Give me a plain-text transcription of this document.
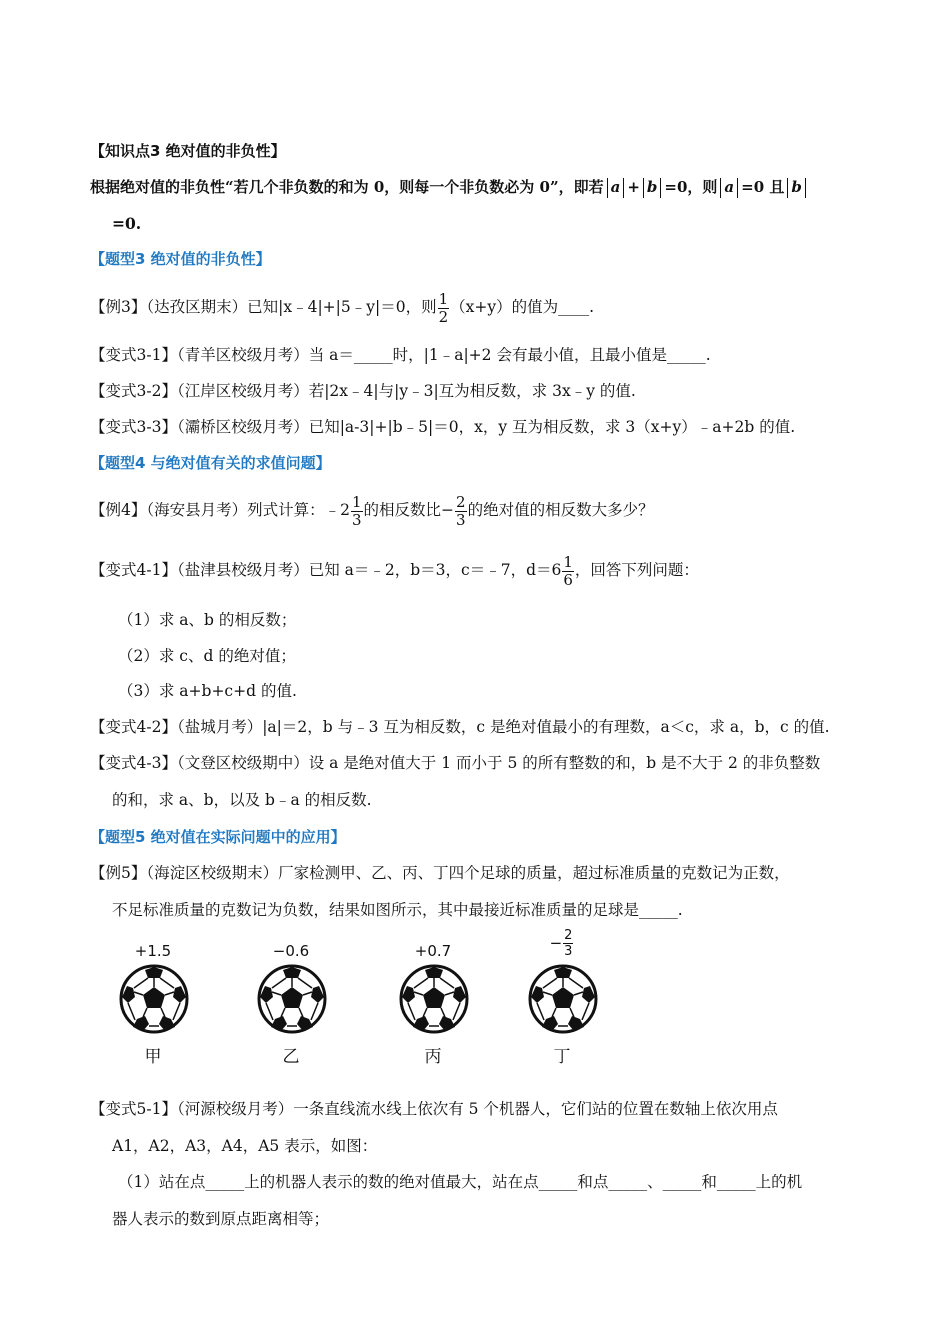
【知识点3 绝对值的非负性】
根据绝对值的非负性“若几个非负数的和为 0，则每一个非负数必为 0”，即若 a + b =0，则 a =0 且 b
=0.
【题型3 绝对值的非负性】
【例3】（达孜区期末）已知|x﹣4|+|5﹣y|＝0，则 $\frac{1}{2} (x+y)$的值为____.
【变式3-1】（青羊区校级月考）当 a＝_____时，|1﹣a|+2 会有最小值，且最小值是_____.
【变式3-2】（江岸区校级月考）若|2x﹣4|与|y﹣3|互为相反数，求 3x﹣y 的值.
【变式3-3】（灞桥区校级月考）已知|a-3|+|b﹣5|＝0，x，y 互为相反数，求 3（x+y）﹣a+2b 的值.
【题型4 与绝对值有关的求值问题】
【例4】（海安县月考）列式计算：﹣2 $\frac{1}{3}$ 的相反数比− $\frac{2}{3}$ 的绝对值的相反数大多少？
【变式4-1】（盐津县校级月考）已知 a＝﹣2，b＝3，c＝﹣7，$d=6 \frac{1}{6}$ ，回答下列问题：
（1）求 a、b 的相反数；
（2）求 c、d 的绝对值；
（3）求 a+b+c+d 的值.
【变式4-2】（盐城月考）|a|＝2，b 与﹣3 互为相反数，c 是绝对值最小的有理数，a＜c，求 a，b，c 的值.
【变式4-3】（文登区校级期中）设 a 是绝对值大于 1 而小于 5 的所有整数的和，b 是不大于 2 的非负整数
的和，求 a、b，以及 b﹣a 的相反数.
【题型5 绝对值在实际问题中的应用】
【例5】（海淀区校级期末）厂家检测甲、乙、丙、丁四个足球的质量，超过标准质量的克数记为正数，
不足标准质量的克数记为负数，结果如图所示，其中最接近标准质量的足球是_____.
+1.5
甲
−0.6
乙
+0.7
丙
− $\frac{2}{3}$
丁
【变式5-1】（河源校级月考）一条直线流水线上依次有 5 个机器人，它们站的位置在数轴上依次用点
A1，A2，A3，A4，A5 表示，如图：
（1）站在点_____上的机器人表示的数的绝对值最大，站在点_____和点_____、_____和_____上的机
器人表示的数到原点距离相等；
